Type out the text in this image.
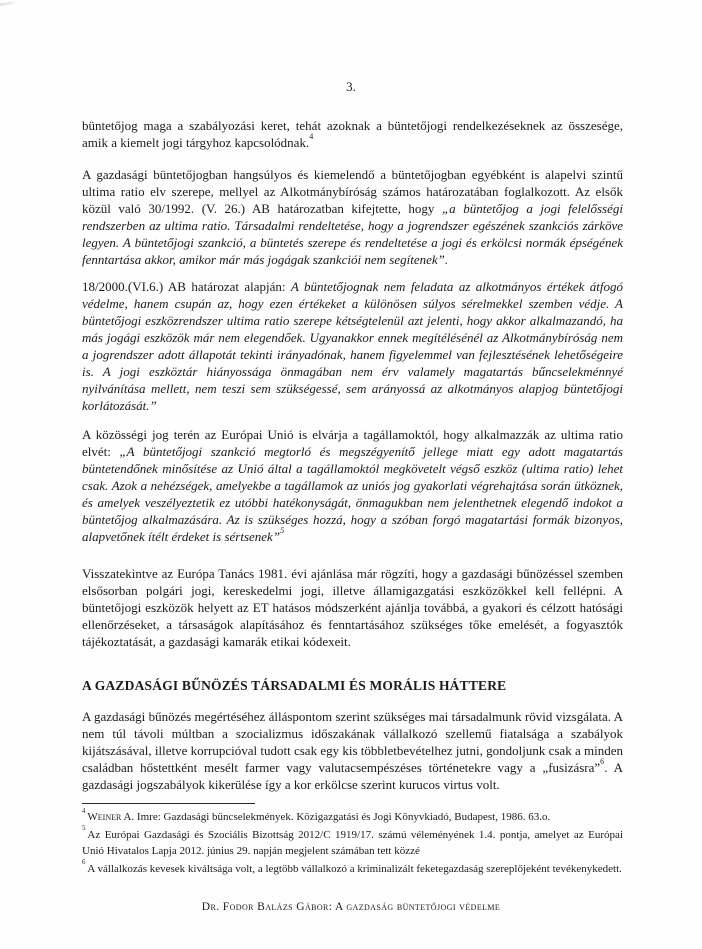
3.

büntetőjog maga a szabályozási keret, tehát azoknak a büntetőjogi rendelkezéseknek az összesége, amik a kiemelt jogi tárgyhoz kapcsolódnak.$^4$

A gazdasági büntetőjogban hangsúlyos és kiemelendő a büntetőjogban egyébként is alapelvi szintű ultima ratio elv szerepe, mellyel az Alkotmánybíróság számos határozatában foglalkozott. Az elsők közül való 30/1992. (V. 26.) AB határozatban kifejtette, hogy „a büntetőjog a jogi felelősségi rendszerben az ultima ratio. Társadalmi rendeltetése, hogy a jogrendszer egészének szankciós zárköve legyen. A büntetőjogi szankció, a büntetés szerepe és rendeltetése a jogi és erkölcsi normák épségének fenntartása akkor, amikor már más jogágak szankciói nem segítenek”.

18/2000.(VI.6.) AB határozat alapján: A büntetőjognak nem feladata az alkotmányos értékek átfogó védelme, hanem csupán az, hogy ezen értékeket a különösen súlyos sérelmekkel szemben védje. A büntetőjogi eszközrendszer ultima ratio szerepe kétségtelenül azt jelenti, hogy akkor alkalmazandó, ha más jogági eszközök már nem elegendőek. Ugyanakkor ennek megítélésénél az Alkotmánybíróság nem a jogrendszer adott állapotát tekinti irányadónak, hanem figyelemmel van fejlesztésének lehetőségeire is. A jogi eszköztár hiányossága önmagában nem érv valamely magatartás bűncselekménnyé nyilvánítása mellett, nem teszi sem szükségessé, sem arányossá az alkotmányos alapjog büntetőjogi korlátozását.”

A közösségi jog terén az Európai Unió is elvárja a tagállamoktól, hogy alkalmazzák az ultima ratio elvét: „A büntetőjogi szankció megtorló és megszégyenítő jellege miatt egy adott magatartás büntetendőnek minősítése az Unió által a tagállamoktól megkövetelt végső eszköz (ultima ratio) lehet csak. Azok a nehézségek, amelyekbe a tagállamok az uniós jog gyakorlati végrehajtása során ütköznek, és amelyek veszélyeztetik ez utóbbi hatékonyságát, önmagukban nem jelenthetnek elegendő indokot a büntetőjog alkalmazására. Az is szükséges hozzá, hogy a szóban forgó magatartási formák bizonyos, alapvetőnek ítélt érdeket is sértsenek”$^5$

Visszatekintve az Európa Tanács 1981. évi ajánlása már rögzíti, hogy a gazdasági bűnözéssel szemben elsősorban polgári jogi, kereskedelmi jogi, illetve államigazgatási eszközökkel kell fellépni. A büntetőjogi eszközök helyett az ET hatásos módszerként ajánlja továbbá, a gyakori és célzott hatósági ellenőrzéseket, a társaságok alapításához és fenntartásához szükséges tőke emelését, a fogyasztók tájékoztatását, a gazdasági kamarák etikai kódexeit.

A GAZDASÁGI BŰNÖZÉS TÁRSADALMI ÉS MORÁLIS HÁTTERE

A gazdasági bűnözés megértéséhez álláspontom szerint szükséges mai társadalmunk rövid vizsgálata. A nem túl távoli múltban a szocializmus időszakának vállalkozó szellemű fiatalsága a szabályok kijátszásával, illetve korrupcióval tudott csak egy kis többletbevételhez jutni, gondoljunk csak a minden családban hőstettként mesélt farmer vagy valutacsempészéses történetekre vagy a „fusizásra”$^6$. A gazdasági jogszabályok kikerülése így a kor erkölcse szerint kurucos virtus volt.

$^4$ Weiner A. Imre: Gazdasági bűncselekmények. Közigazgatási és Jogi Könyvkiadó, Budapest, 1986. 63.o.
$^5$ Az Európai Gazdasági és Szociális Bizottság 2012/C 1919/17. számú véleményének 1.4. pontja, amelyet az Európai Unió Hivatalos Lapja 2012. június 29. napján megjelent számában tett közzé
$^6$ A vállalkozás kevesek kiváltsága volt, a legtöbb vállalkozó a kriminalizált feketegazdaság szereplőjeként tevékenykedett.
Dr. Fodor Balázs Gábor: A gazdaság büntetőjogi védelme
